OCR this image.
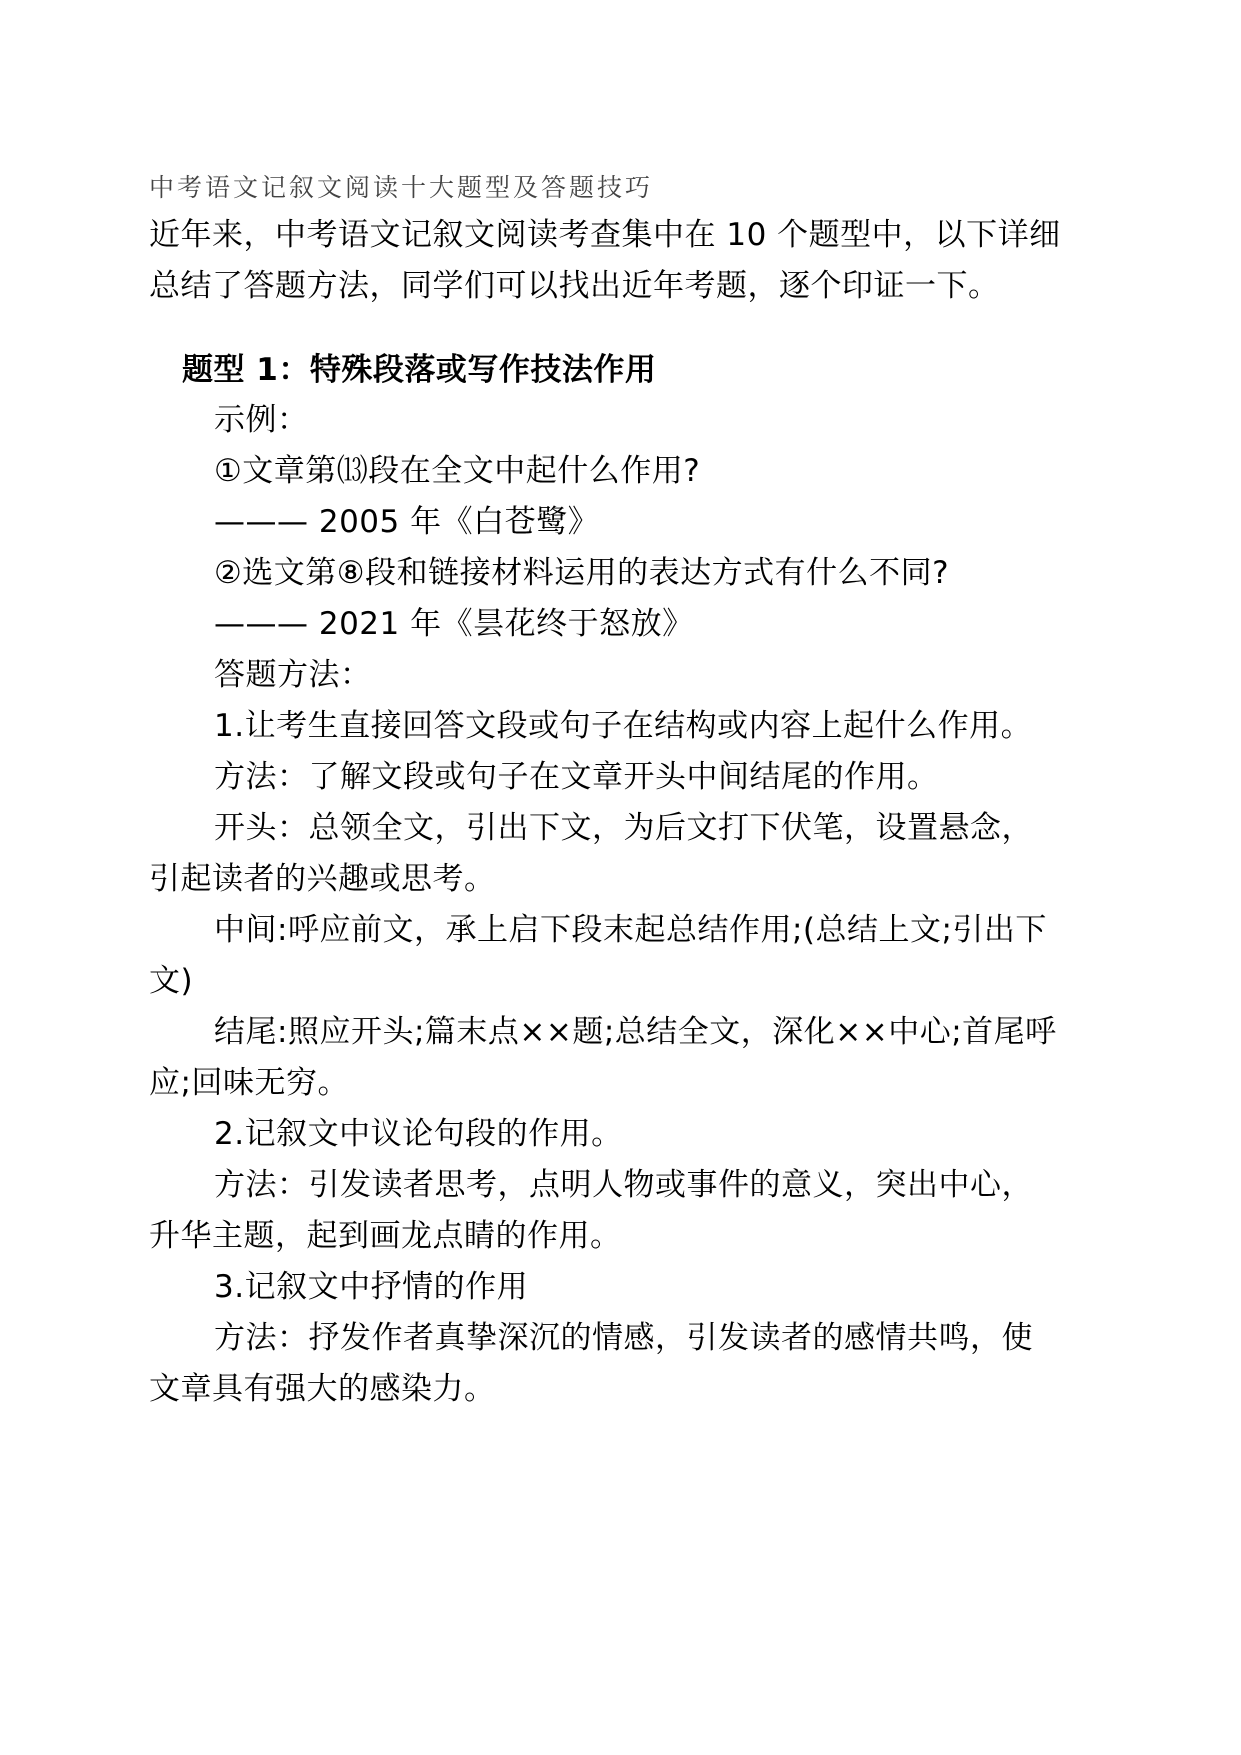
中考语文记叙文阅读十大题型及答题技巧
近年来，中考语文记叙文阅读考查集中在 10 个题型中，以下详细
总结了答题方法，同学们可以找出近年考题，逐个印证一下。
题型 1：特殊段落或写作技法作用
示例：
①文章第⒀段在全文中起什么作用?
——— 2005 年《白苍鹭》
②选文第⑧段和链接材料运用的表达方式有什么不同?
——— 2021 年《昙花终于怒放》
答题方法：
1.让考生直接回答文段或句子在结构或内容上起什么作用。
方法：了解文段或句子在文章开头中间结尾的作用。
开头：总领全文，引出下文，为后文打下伏笔，设置悬念，
引起读者的兴趣或思考。
中间:呼应前文，承上启下段末起总结作用;(总结上文;引出下
文)
结尾:照应开头;篇末点××题;总结全文，深化××中心;首尾呼
应;回味无穷。
2.记叙文中议论句段的作用。
方法：引发读者思考，点明人物或事件的意义，突出中心，
升华主题，起到画龙点睛的作用。
3.记叙文中抒情的作用
方法：抒发作者真挚深沉的情感，引发读者的感情共鸣，使
文章具有强大的感染力。
